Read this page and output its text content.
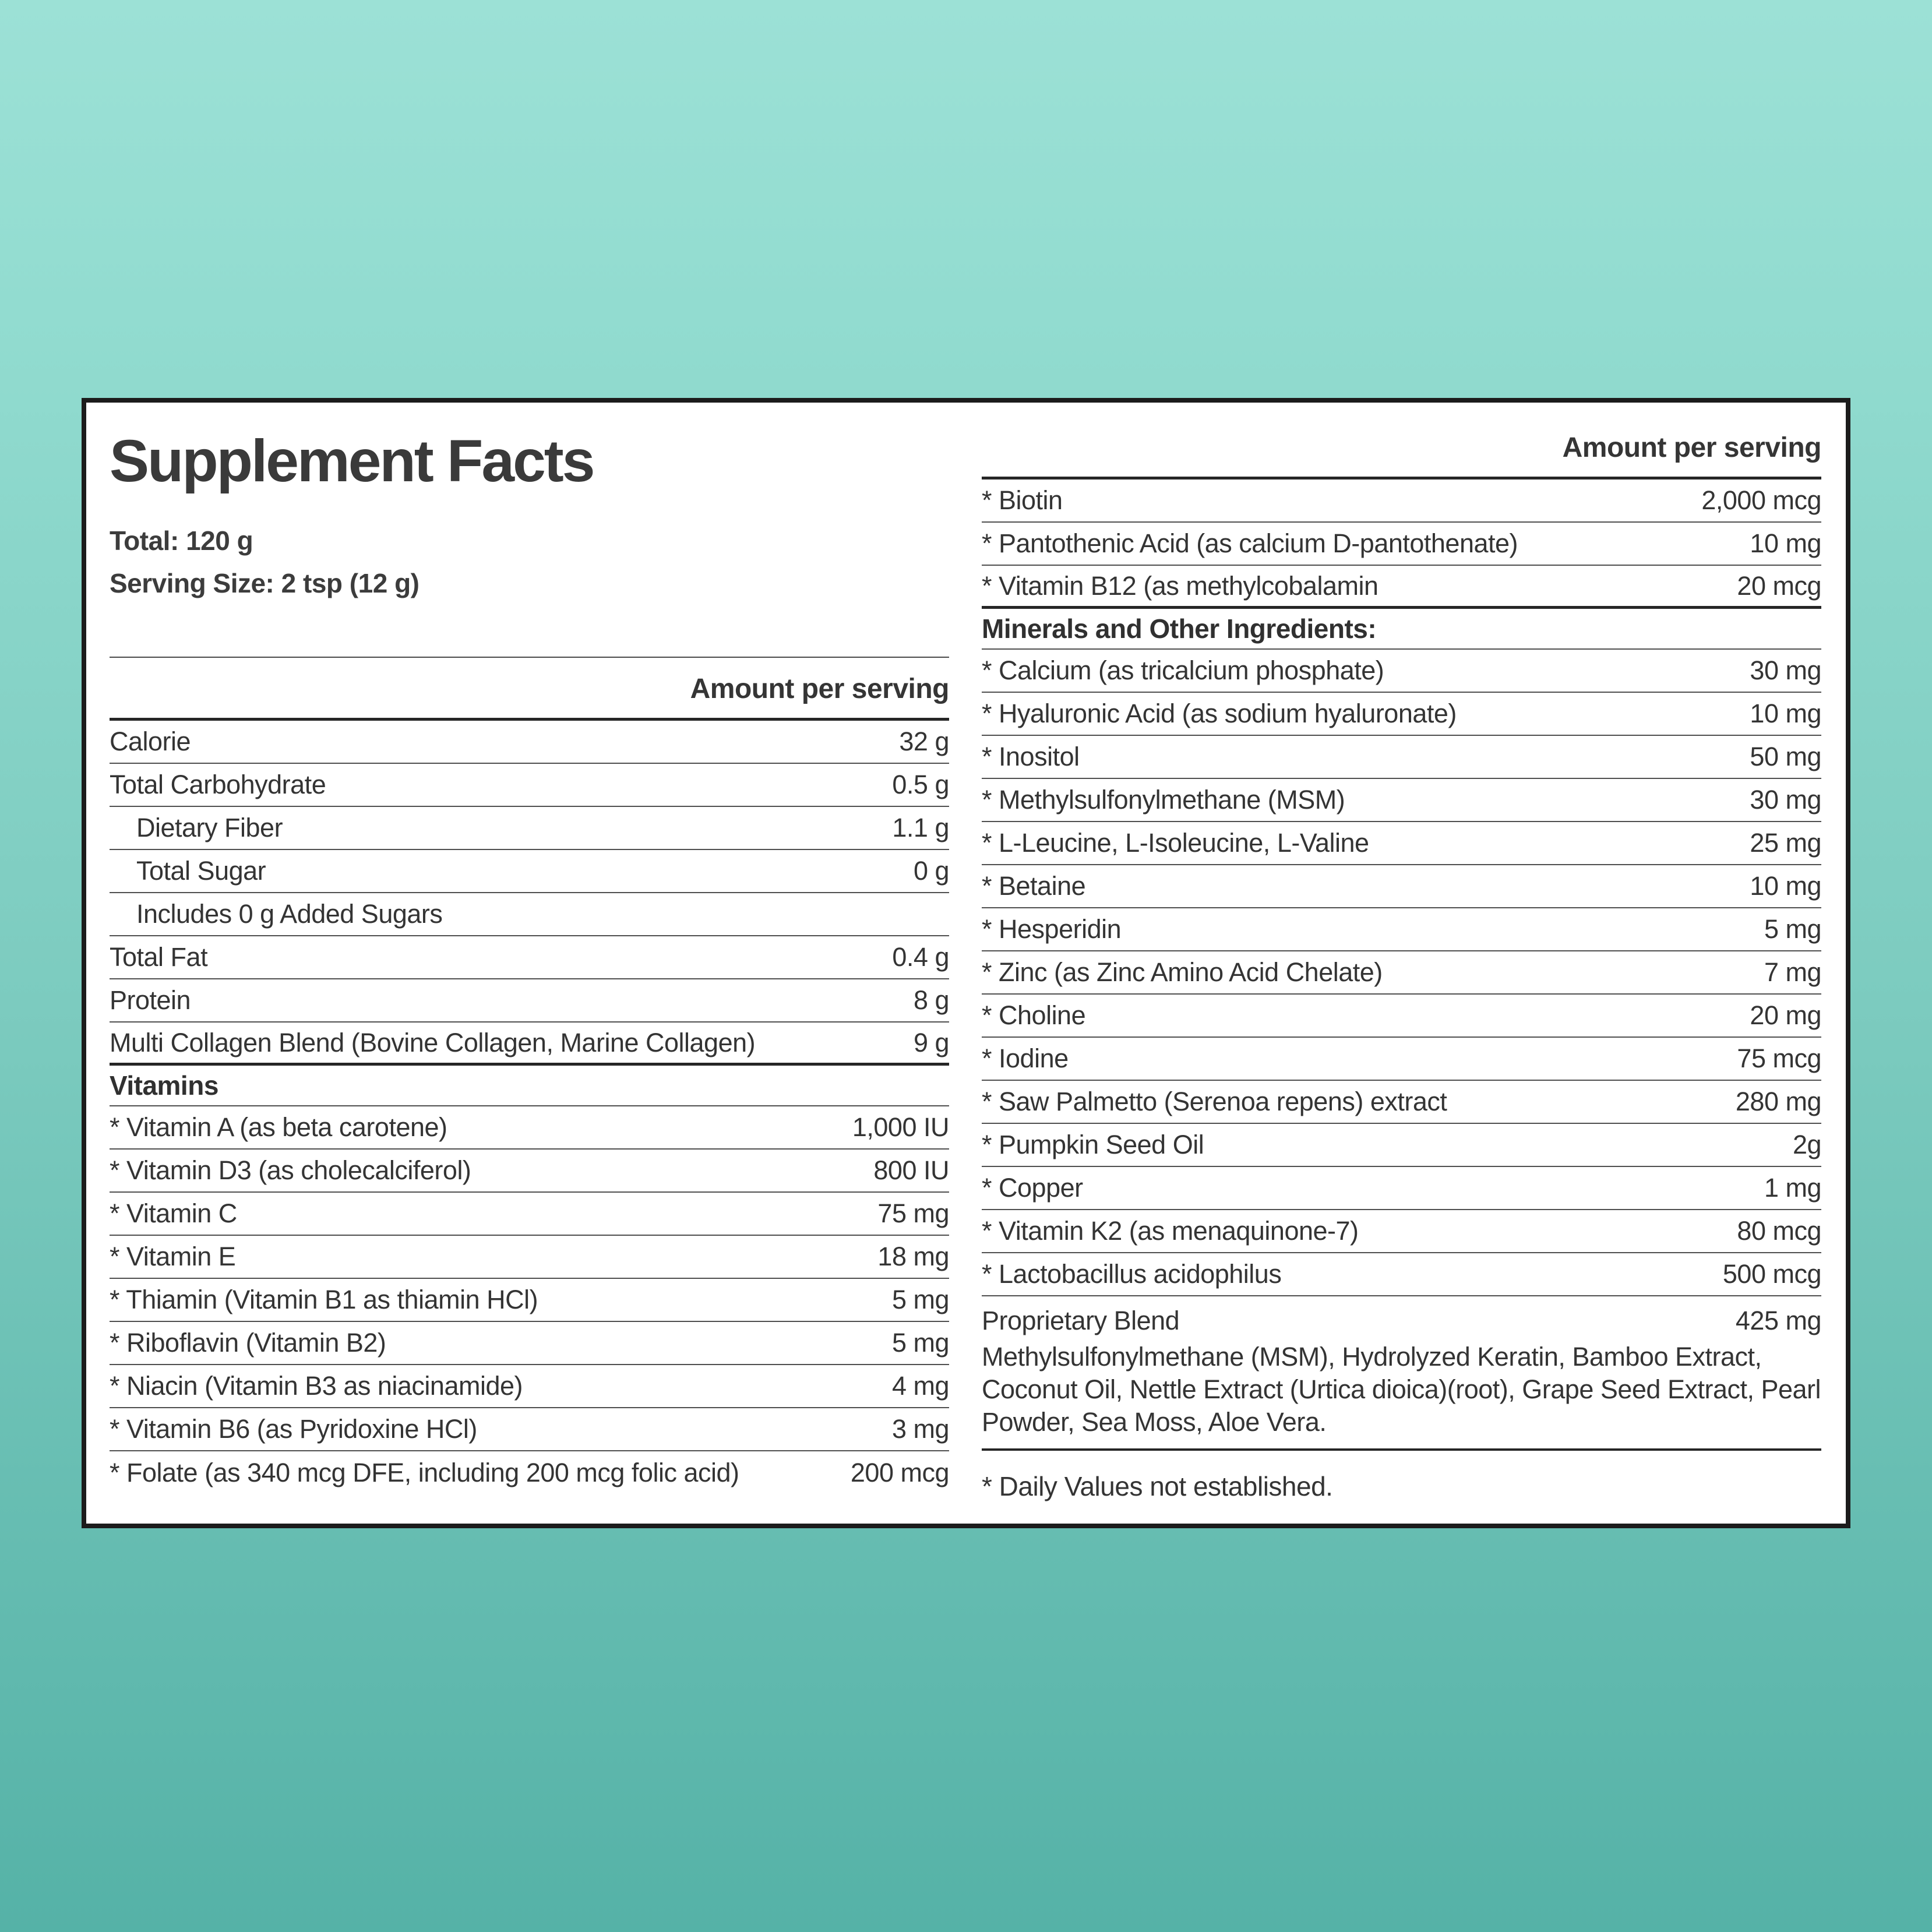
Supplement Facts
Total: 120 g
Serving Size: 2 tsp (12 g)
Amount per serving
Calorie	32 g
Total Carbohydrate	0.5 g
Dietary Fiber	1.1 g
Total Sugar	0 g
Includes 0 g Added Sugars
Total Fat	0.4 g
Protein	8 g
Multi Collagen Blend (Bovine Collagen, Marine Collagen)	9 g
Vitamins
* Vitamin A (as beta carotene)	1,000 IU
* Vitamin D3 (as cholecalciferol)	800 IU
* Vitamin C	75 mg
* Vitamin E	18 mg
* Thiamin (Vitamin B1 as thiamin HCl)	5 mg
* Riboflavin (Vitamin B2)	5 mg
* Niacin (Vitamin B3 as niacinamide)	4 mg
* Vitamin B6 (as Pyridoxine HCl)	3 mg
* Folate (as 340 mcg DFE, including 200 mcg folic acid)	200 mcg
Amount per serving
* Biotin	2,000 mcg
* Pantothenic Acid (as calcium D-pantothenate)	10 mg
* Vitamin B12 (as methylcobalamin	20 mcg
Minerals and Other Ingredients:
* Calcium (as tricalcium phosphate)	30 mg
* Hyaluronic Acid (as sodium hyaluronate)	10 mg
* Inositol	50 mg
* Methylsulfonylmethane (MSM)	30 mg
* L-Leucine, L-Isoleucine, L-Valine	25 mg
* Betaine	10 mg
* Hesperidin	5 mg
* Zinc (as Zinc Amino Acid Chelate)	7 mg
* Choline	20 mg
* Iodine	75 mcg
* Saw Palmetto (Serenoa repens) extract	280 mg
* Pumpkin Seed Oil	2g
* Copper	1 mg
* Vitamin K2 (as menaquinone-7)	80 mcg
* Lactobacillus acidophilus	500 mcg
Proprietary Blend	425 mg
Methylsulfonylmethane (MSM), Hydrolyzed Keratin, Bamboo Extract, Coconut Oil, Nettle Extract (Urtica dioica)(root), Grape Seed Extract, Pearl Powder, Sea Moss, Aloe Vera.
* Daily Values not established.
